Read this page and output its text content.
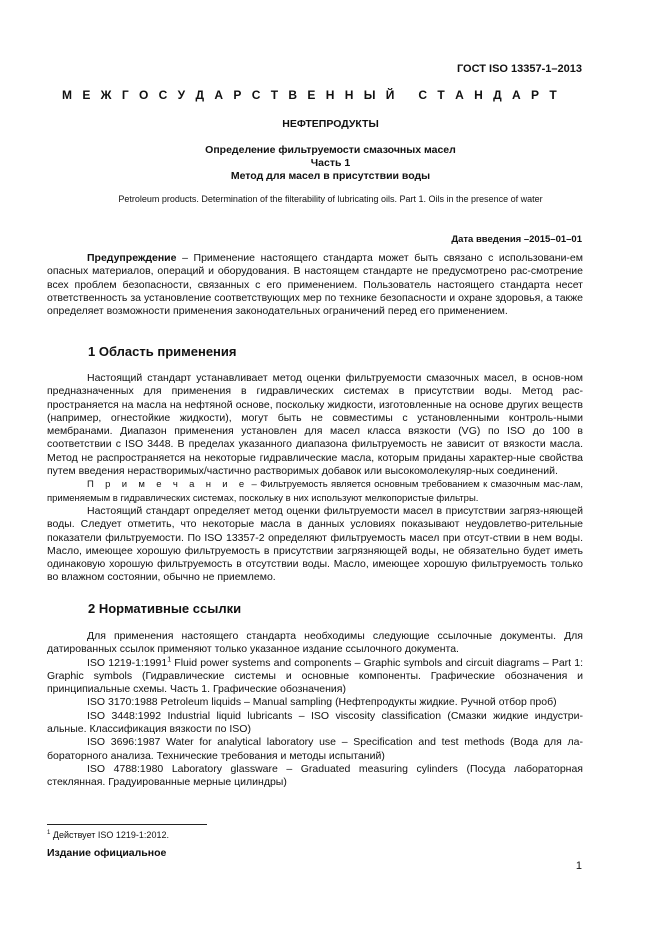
ГОСТ ISO 13357-1–2013
М Е Ж Г О С У Д А Р С Т В Е Н Н Ы Й
С Т А Н Д А Р Т
НЕФТЕПРОДУКТЫ
Определение фильтруемости смазочных масел
Часть 1
Метод для масел в присутствии воды
Petroleum products. Determination of the filterability of lubricating oils. Part 1. Oils in the presence of water
Дата введения –2015–01–01

Предупреждение – Применение настоящего стандарта может быть связано с использовани-ем опасных материалов, операций и оборудования. В настоящем стандарте не предусмотрено рас-смотрение всех проблем безопасности, связанных с его применением. Пользователь настоящего стандарта несет ответственность за установление соответствующих мер по технике безопасности и охране здоровья, а также определяет возможности применения законодательных ограничений перед его применением.

1 Область применения

Настоящий стандарт устанавливает метод оценки фильтруемости смазочных масел, в основ-ном предназначенных для применения в гидравлических системах в присутствии воды. Метод рас-пространяется на масла на нефтяной основе, поскольку жидкости, изготовленные на основе других веществ (например, огнестойкие жидкости), могут быть не совместимы с установленными контроль-ными мембранами. Диапазон применения установлен для масел класса вязкости (VG) по ISO до 100 в соответствии с ISO 3448. В пределах указанного диапазона фильтруемость не зависит от вязкости масла. Метод не распространяется на некоторые гидравлические масла, которым приданы характер-ные свойства путем введения нерастворимых/частично растворимых добавок или высокомолекуляр-ных соединений.

П р и м е ч а н и е – Фильтруемость является основным требованием к смазочным мас-лам, применяемым в гидравлических системах, поскольку в них используют мелкопористые фильтры.

Настоящий стандарт определяет метод оценки фильтруемости масел в присутствии загряз-няющей воды. Следует отметить, что некоторые масла в данных условиях показывают неудовлетво-рительные показатели фильтруемости. По ISO 13357-2 определяют фильтруемость масел при отсут-ствии в нем воды. Масло, имеющее хорошую фильтруемость в присутствии загрязняющей воды, не обязательно будет иметь одинаковую хорошую фильтруемость в отсутствии воды. Масло, имеющее хорошую фильтруемость только во влажном состоянии, обычно не приемлемо.

2 Нормативные ссылки

Для применения настоящего стандарта необходимы следующие ссылочные документы. Для датированных ссылок применяют только указанное издание ссылочного документа.

ISO 1219-1:1991$^1$ Fluid power systems and components – Graphic symbols and circuit diagrams – Part 1: Graphic symbols (Гидравлические системы и основные компоненты. Графические обозначения и принципиальные схемы. Часть 1. Графические обозначения)

ISO 3170:1988 Petroleum liquids – Manual sampling (Нефтепродукты жидкие. Ручной отбор проб)

ISO 3448:1992 Industrial liquid lubricants – ISO viscosity classification (Смазки жидкие индустри-альные. Классификация вязкости по ISO)

ISO 3696:1987 Water for analytical laboratory use – Specification and test methods (Вода для ла-бораторного анализа. Технические требования и методы испытаний)

ISO 4788:1980 Laboratory glassware – Graduated measuring cylinders (Посуда лабораторная стеклянная. Градуированные мерные цилиндры)

$^1$ Действует ISO 1219-1:2012.
Издание официальное
1
